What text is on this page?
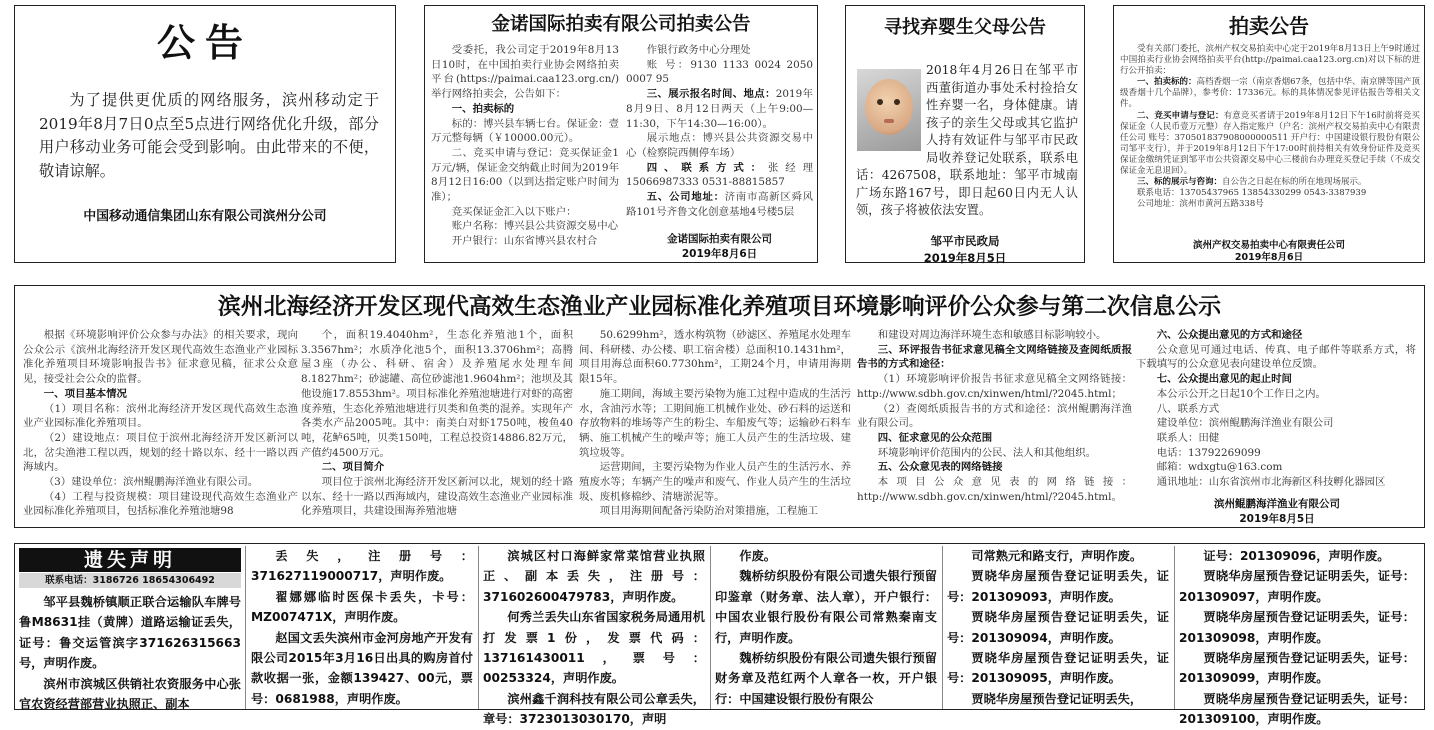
公告
为了提供更优质的网络服务，滨州移动定于2019年8月7日0点至5点进行网络优化升级，部分用户移动业务可能会受到影响。由此带来的不便，敬请谅解。
中国移动通信集团山东有限公司滨州分公司
金诺国际拍卖有限公司拍卖公告
受委托，我公司定于2019年8月13日10时，在中国拍卖行业协会网络拍卖平台(https://paimai.caa123.org.cn/)举行网络拍卖会，公告如下：
一、拍卖标的
标的：博兴县车辆七台。保证金：壹万元整每辆（￥10000.00元）。
二、竞买申请与登记：竞买保证金1万元/辆，保证金交纳截止时间为2019年8月12日16:00（以到达指定账户时间为准）；
竞买保证金汇入以下账户：
账户名称：博兴县公共资源交易中心
开户银行：山东省博兴县农村合
作银行政务中心分理处
账 号：9130 1133 0024 2050 0007 95
三、展示报名时间、地点：2019年8月9日、8月12日两天（上午9:00—11:30，下午14:30—16:00）。
展示地点：博兴县公共资源交易中心（检察院西侧停车场）
四、联系方式：张经理 15066987333 0531-88815857
五、公司地址：济南市高新区舜风路101号齐鲁文化创意基地4号楼5层
金诺国际拍卖有限公司
2019年8月6日
寻找弃婴生父母公告
2018年4月26日在邹平市西董街道办事处禾村捡拾女性弃婴一名，身体健康。请孩子的亲生父母或其它监护人持有效证件与邹平市民政局收养登记处联系，联系电话：4267508，联系地址：邹平市城南广场东路167号，即日起60日内无人认领，孩子将被依法安置。
邹平市民政局
2019年8月5日
拍卖公告
受有关部门委托，滨州产权交易拍卖中心定于2019年8月13日上午9时通过中国拍卖行业协会网络拍卖平台(http://paimai.caa123.org.cn)对以下标的进行公开拍卖：
一、拍卖标的：高档香烟一宗（南京香烟67条，包括中华、南京牌等国产顶级香烟十几个品牌），参考价：17336元。标的具体情况参见评估报告等相关文件。
二、竞买申请与登记：有意竞买者请于2019年8月12日下午16时前将竞买保证金（人民币壹万元整）存入指定账户（户名：滨州产权交易拍卖中心有限责任公司 账号：370501837908000000511 开户行：中国建设银行股份有限公司邹平支行），并于2019年8月12日下午17:00时前持相关有效身份证件及竞买保证金缴纳凭证到邹平市公共资源交易中心三楼前台办理竞买登记手续（不成交保证金无息退回）。
三、标的展示与咨询：自公告之日起在标的所在地现场展示。
联系电话：13705437965 13854330299 0543-3387939
公司地址：滨州市黄河五路338号
滨州产权交易拍卖中心有限责任公司
2019年8月6日
滨州北海经济开发区现代高效生态渔业产业园标准化养殖项目环境影响评价公众参与第二次信息公示
根据《环境影响评价公众参与办法》的相关要求，现向公众公示《滨州北海经济开发区现代高效生态渔业产业园标准化养殖项目环境影响报告书》征求意见稿，征求公众意见，接受社会公众的监督。
一、项目基本情况
（1）项目名称：滨州北海经济开发区现代高效生态渔业产业园标准化养殖项目。
（2）建设地点：项目位于滨州北海经济开发区新河以北，岔尖渔港工程以西，规划的经十路以东、经十一路以西海域内。
（3）建设单位：滨州鲲鹏海洋渔业有限公司。
（4）工程与投资规模：项目建设现代高效生态渔业产业园标准化养殖项目，包括标准化养殖池塘98
个，面积19.4040hm²，生态化养殖池1个，面积3.3567hm²；水质净化池5个，面积13.3706hm²；高腾屋3座（办公、科研、宿舍）及养殖尾水处理车间8.1827hm²；砂滤罐、高位砂滤池1.9604hm²；池坝及其他设施17.8553hm²。项目标准化养殖池塘进行对虾的高密度养殖，生态化养殖池塘进行贝类和鱼类的混养。实现年产各类水产品2005吨。其中：南美白对虾1750吨，梭鱼40吨，花鲈65吨，贝类150吨，工程总投资14886.82万元，产值约4500万元。
二、项目简介
项目位于滨州北海经济开发区新河以北，规划的经十路以东、经十一路以西海域内，建设高效生态渔业产业园标准化养殖项目，共建设围海养殖池塘
50.6299hm²，透水构筑物（砂滤区、养殖尾水处理车间、科研楼、办公楼、职工宿舍楼）总面积10.1431hm²，项目用海总面积60.7730hm²，工期24个月，申请用海期限15年。
施工期间，海域主要污染物为施工过程中造成的生活污水，含油污水等；工期间施工机械作业处、砂石料的运送和存放物料的堆场等产生的粉尘、车船废气等；运输砂石料车辆、施工机械产生的噪声等；施工人员产生的生活垃圾、建筑垃圾等。
运营期间，主要污染物为作业人员产生的生活污水、养殖废水等；车辆产生的噪声和废气、作业人员产生的生活垃圾、废机修棉纱、清塘淤泥等。
项目用海期间配备污染防治对策措施，工程施工
和建设对周边海洋环境生态和敏感目标影响较小。
三、环评报告书征求意见稿全文网络链接及查阅纸质报告书的方式和途径：
（1）环境影响评价报告书征求意见稿全文网络链接：http://www.sdbh.gov.cn/xinwen/html/?2045.html；
（2）查阅纸质报告书的方式和途径：滨州鲲鹏海洋渔业有限公司。
四、征求意见的公众范围
环境影响评价范围内的公民、法人和其他组织。
五、公众意见表的网络链接
本项目公众意见表的网络链接：http://www.sdbh.gov.cn/xinwen/html/?2045.html。
六、公众提出意见的方式和途径
公众意见可通过电话、传真、电子邮件等联系方式，将下载填写的公众意见表向建设单位反馈。
七、公众提出意见的起止时间
本公示公开之日起10个工作日之内。
八、联系方式
建设单位：滨州鲲鹏海洋渔业有限公司
联系人：田健
电话：13792269099
邮箱：wdxgtu@163.com
通讯地址：山东省滨州市北海新区科技孵化器园区
滨州鲲鹏海洋渔业有限公司
2019年8月5日
遗失声明
联系电话：3186726 18654306492

邹平县魏桥镇顺正联合运输队车牌号鲁M8631挂（黄牌）道路运输证丢失，证号：鲁交运管滨字371626315663号，声明作废。

滨州市滨城区供销社农资服务中心张官农资经营部营业执照正、副本

丢失，注册号：371627119000717，声明作废。

翟娜娜临时医保卡丢失，卡号：MZ007471X，声明作废。

赵国文丢失滨州市金河房地产开发有限公司2015年3月16日出具的购房首付款收据一张，金额139427、00元，票号：0681988，声明作废。

滨城区村口海鲜家常菜馆营业执照正、副本丢失，注册号：371602600479783，声明作废。

何秀兰丢失山东省国家税务局通用机打发票1份，发票代码：137161430011，票号：00253324，声明作废。

滨州鑫千润科技有限公司公章丢失，章号：3723013030170，声明

作废。

魏桥纺织股份有限公司遗失银行预留印鉴章（财务章、法人章），开户银行：中国农业银行股份有限公司常熟秦南支行，声明作废。

魏桥纺织股份有限公司遗失银行预留财务章及范红两个人章各一枚，开户银行：中国建设银行股份有限公

司常熟元和路支行，声明作废。

贾晓华房屋预告登记证明丢失，证号：201309093，声明作废。

贾晓华房屋预告登记证明丢失，证号：201309094，声明作废。

贾晓华房屋预告登记证明丢失，证号：201309095，声明作废。

贾晓华房屋预告登记证明丢失，

证号：201309096，声明作废。

贾晓华房屋预告登记证明丢失，证号：201309097，声明作废。

贾晓华房屋预告登记证明丢失，证号：201309098，声明作废。

贾晓华房屋预告登记证明丢失，证号：201309099，声明作废。

贾晓华房屋预告登记证明丢失，证号：201309100，声明作废。
